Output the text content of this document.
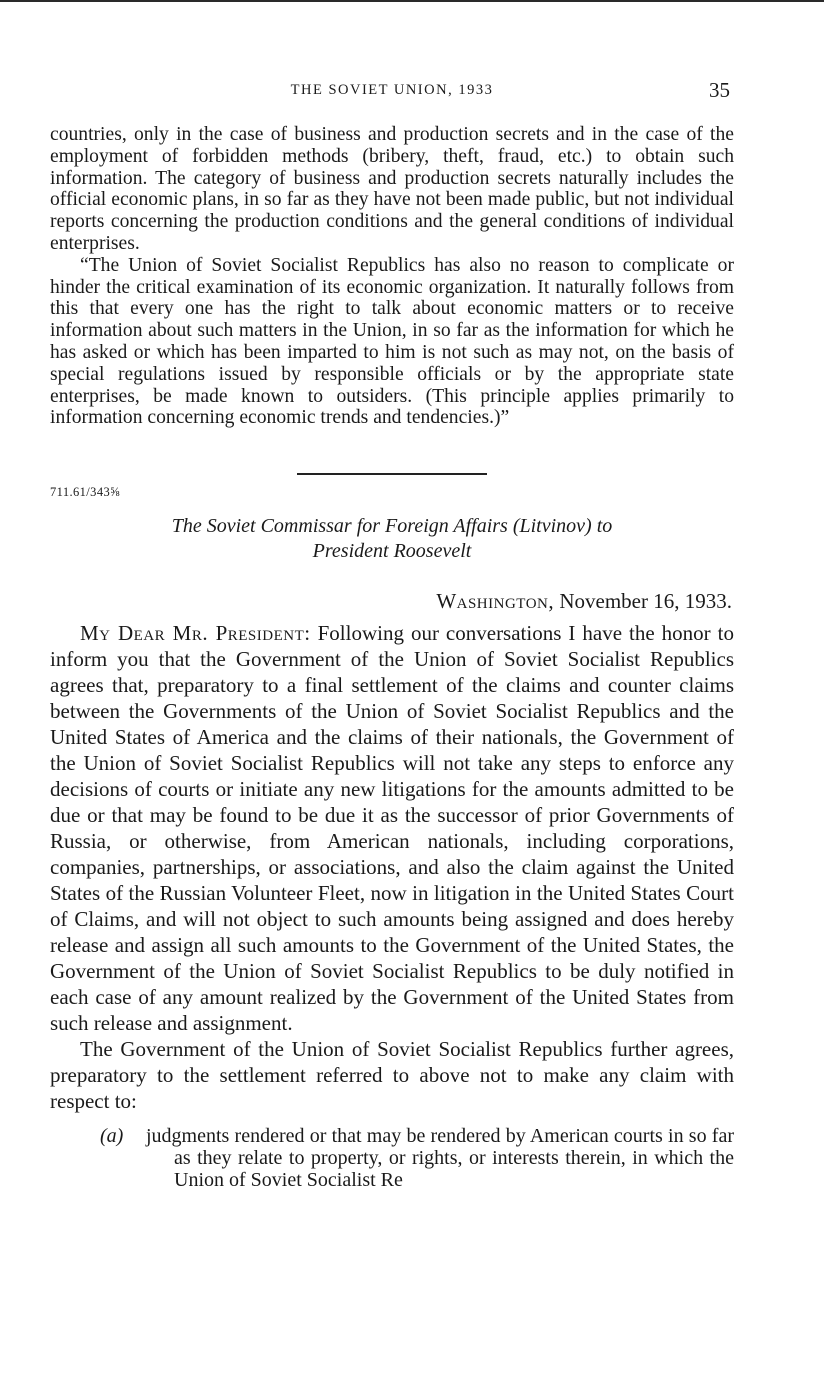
THE SOVIET UNION, 1933	35

countries, only in the case of business and production secrets and in the case of the employment of forbidden methods (bribery, theft, fraud, etc.) to obtain such information. The category of business and production secrets naturally includes the official economic plans, in so far as they have not been made public, but not individual reports concerning the production conditions and the general conditions of individual enterprises.

“The Union of Soviet Socialist Republics has also no reason to complicate or hinder the critical examination of its economic organization. It naturally follows from this that every one has the right to talk about economic matters or to receive information about such matters in the Union, in so far as the information for which he has asked or which has been imparted to him is not such as may not, on the basis of special regulations issued by responsible officials or by the appropriate state enterprises, be made known to outsiders. (This principle applies primarily to information concerning economic trends and tendencies.)”

711.61/343⅝
The Soviet Commissar for Foreign Affairs (Litvinov) to
President Roosevelt
Washington, November 16, 1933.

My Dear Mr. President: Following our conversations I have the honor to inform you that the Government of the Union of Soviet Socialist Republics agrees that, preparatory to a final settlement of the claims and counter claims between the Governments of the Union of Soviet Socialist Republics and the United States of America and the claims of their nationals, the Government of the Union of Soviet Socialist Republics will not take any steps to enforce any decisions of courts or initiate any new litigations for the amounts admitted to be due or that may be found to be due it as the successor of prior Governments of Russia, or otherwise, from American nationals, including corporations, companies, partnerships, or associations, and also the claim against the United States of the Russian Volunteer Fleet, now in litigation in the United States Court of Claims, and will not object to such amounts being assigned and does hereby release and assign all such amounts to the Government of the United States, the Government of the Union of Soviet Socialist Republics to be duly notified in each case of any amount realized by the Government of the United States from such release and assignment.

The Government of the Union of Soviet Socialist Republics further agrees, preparatory to the settlement referred to above not to make any claim with respect to:

(a)	judgments rendered or that may be rendered by American courts in so far as they relate to property, or rights, or interests therein, in which the Union of Soviet Socialist Re
